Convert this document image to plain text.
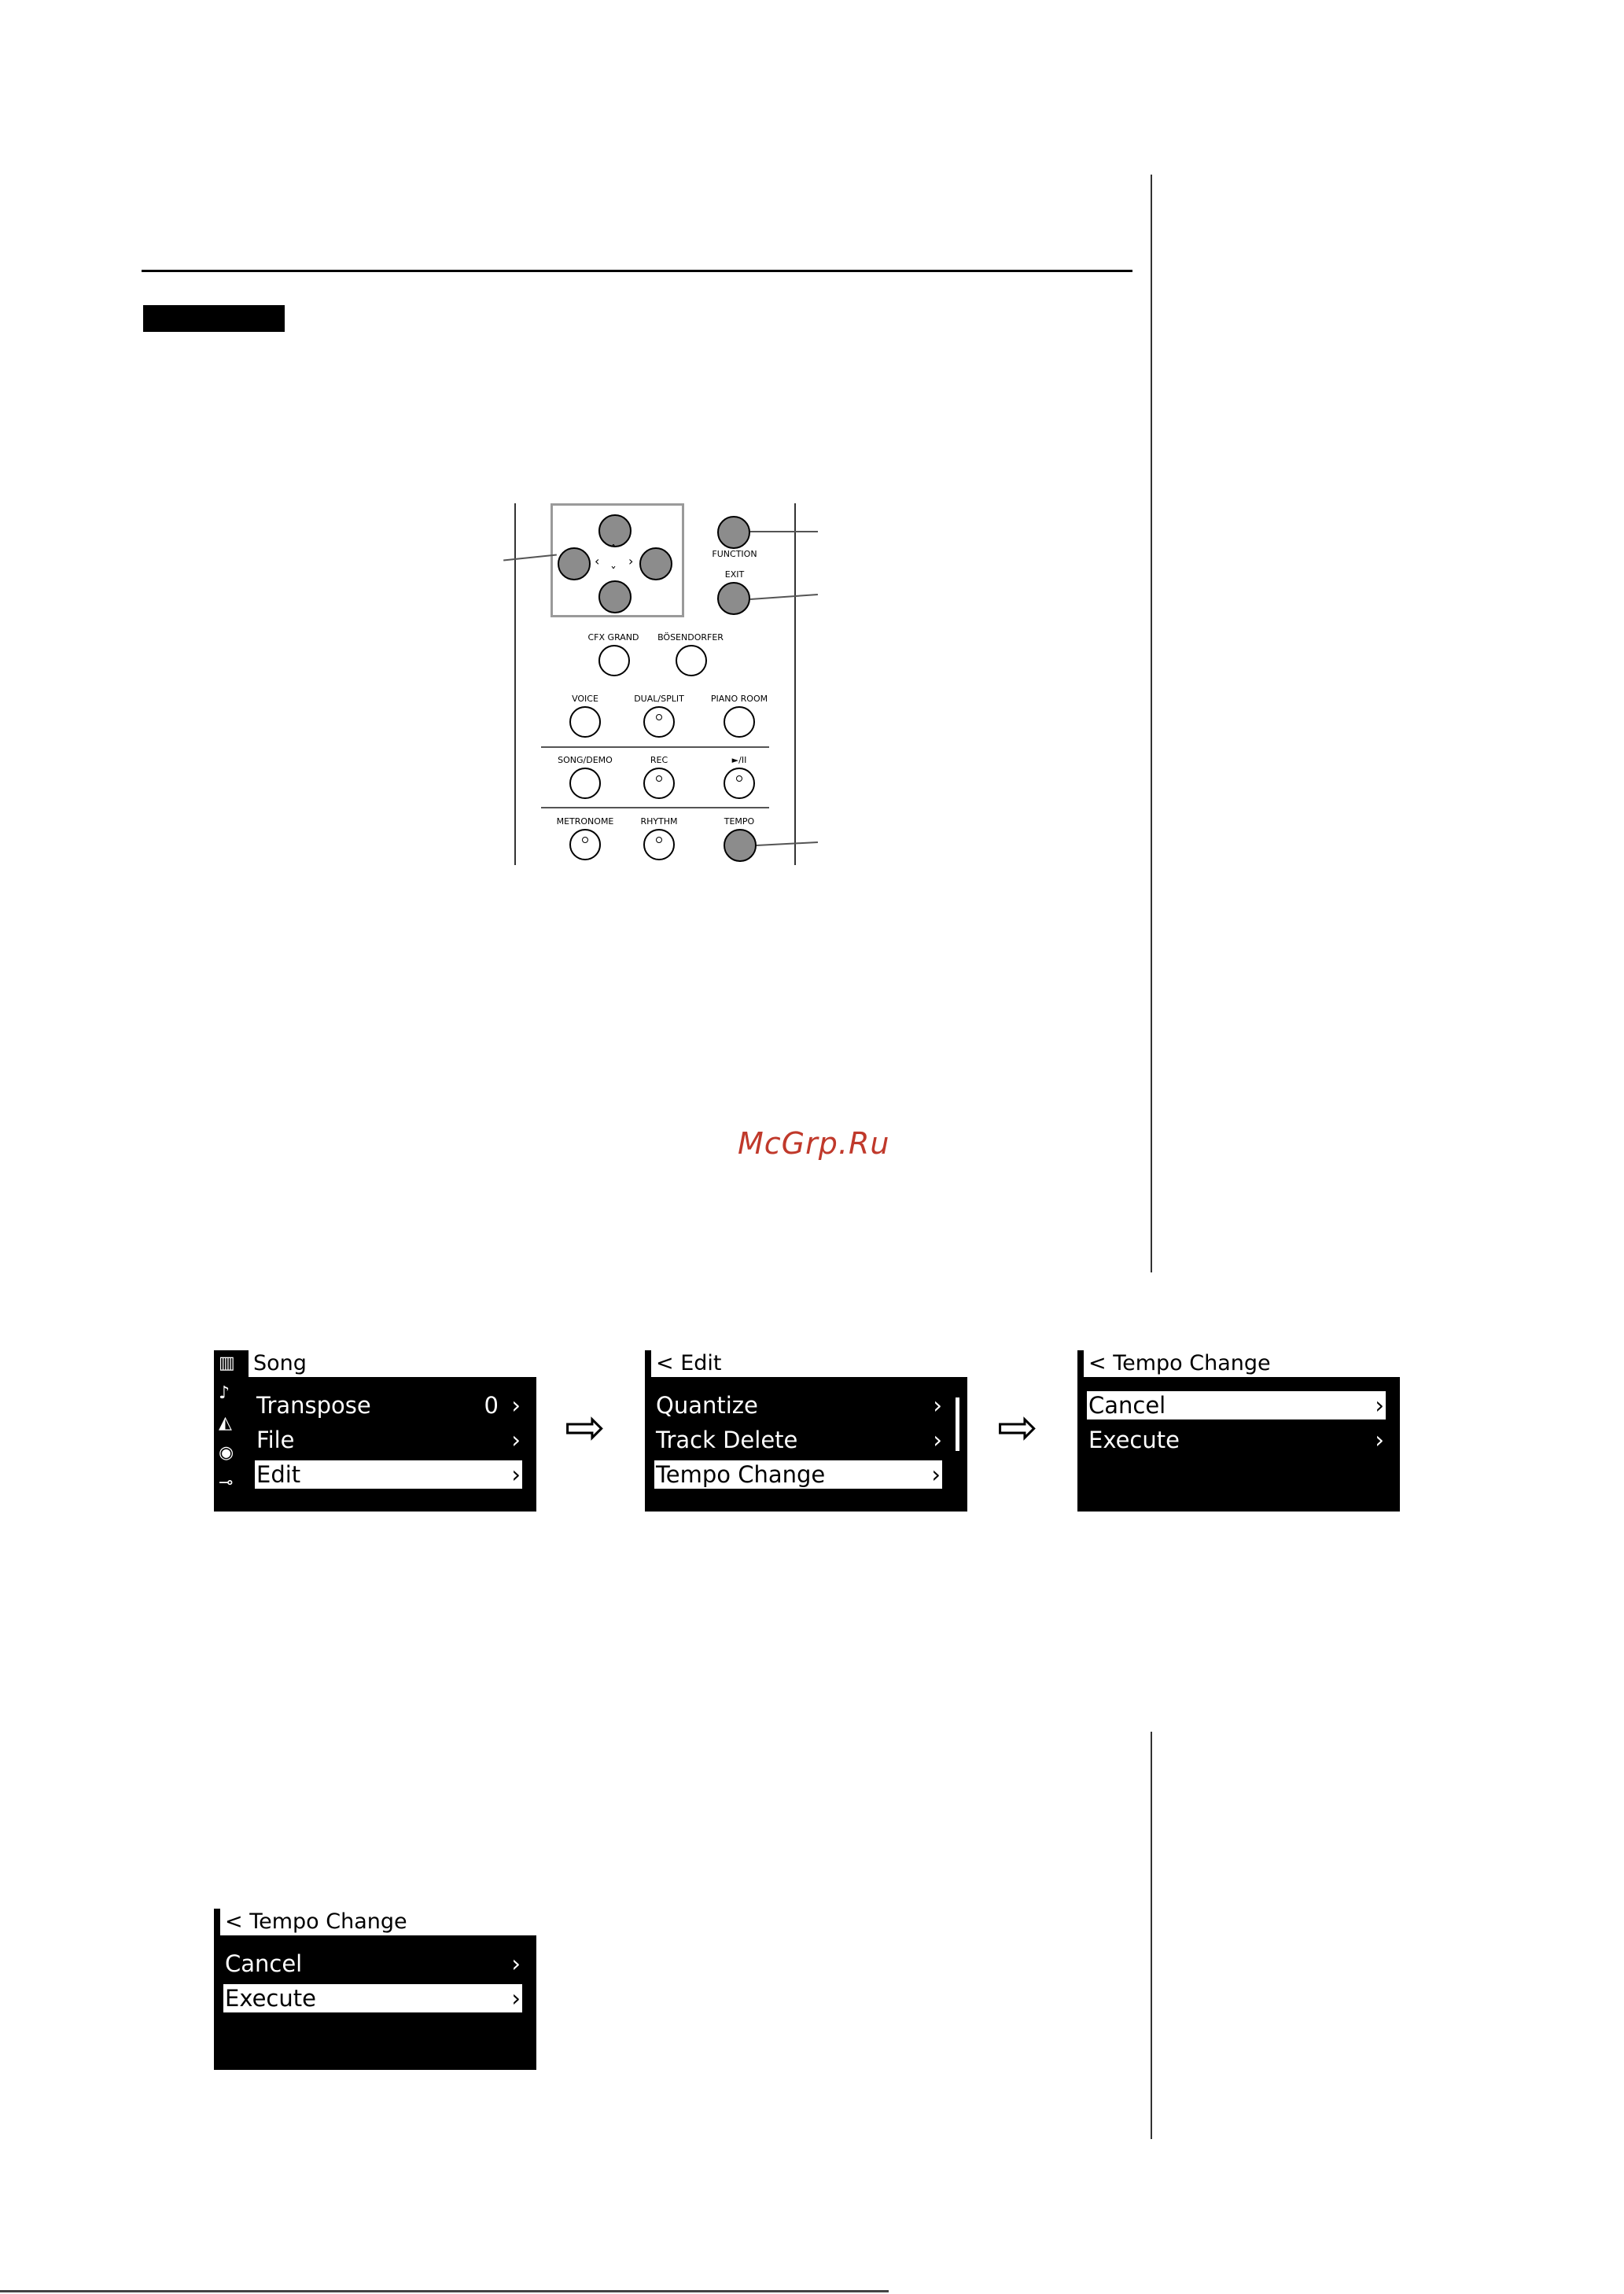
McGrp.Ru
‹ ›
ˆ
ˇ
FUNCTION
EXIT
CFX GRAND	BÖSENDORFER
VOICE	DUAL/SPLIT	PIANO ROOM
SONG/DEMO	REC	►/II
METRONOME	RHYTHM	TEMPO
▥
♪
◭
◉
⊸
Song
Transpose	0 ›
File	›
Edit	›
⇨
< Edit
Quantize	›
Track Delete	›
Tempo Change	›
⇨
< Tempo Change
Cancel	›
Execute	›
< Tempo Change
Cancel	›
Execute	›
